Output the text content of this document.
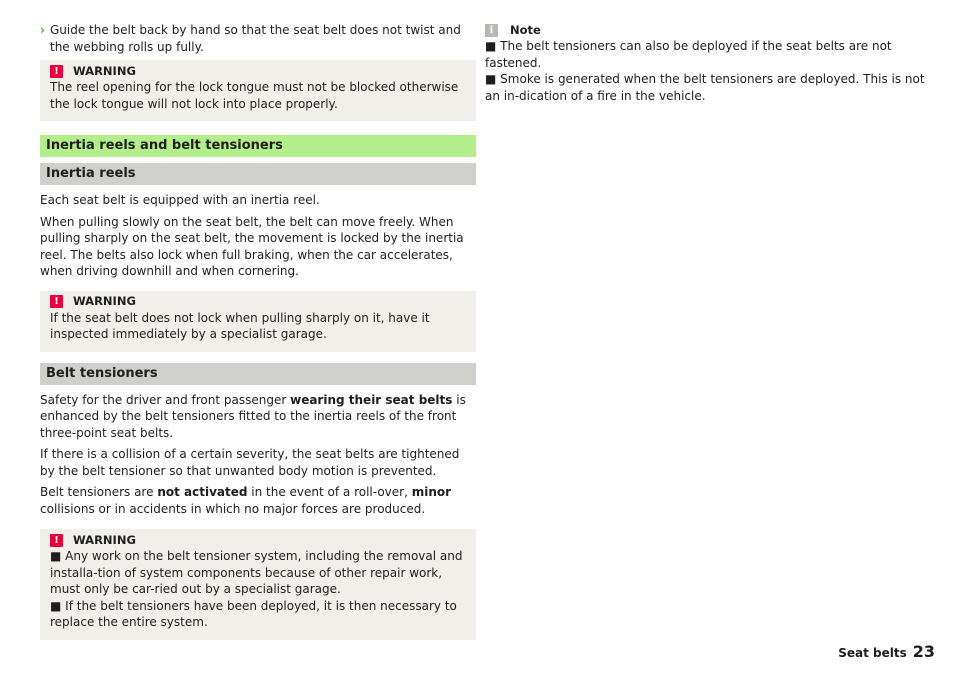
› Guide the belt back by hand so that the seat belt does not twist and the webbing rolls up fully.
!	WARNING
The reel opening for the lock tongue must not be blocked otherwise the lock tongue will not lock into place properly.
Inertia reels and belt tensioners
Inertia reels

Each seat belt is equipped with an inertia reel.

When pulling slowly on the seat belt, the belt can move freely. When pulling sharply on the seat belt, the movement is locked by the inertia reel. The belts also lock when full braking, when the car accelerates, when driving downhill and when cornering.

!	WARNING
If the seat belt does not lock when pulling sharply on it, have it inspected immediately by a specialist garage.
Belt tensioners

Safety for the driver and front passenger wearing their seat belts is enhanced by the belt tensioners fitted to the inertia reels of the front three-point seat belts.

If there is a collision of a certain severity, the seat belts are tightened by the belt tensioner so that unwanted body motion is prevented.

Belt tensioners are not activated in the event of a roll-over, minor collisions or in accidents in which no major forces are produced.

!	WARNING
■ Any work on the belt tensioner system, including the removal and installa-tion of system components because of other repair work, must only be car-ried out by a specialist garage.
■ If the belt tensioners have been deployed, it is then necessary to replace the entire system.
i	Note
■ The belt tensioners can also be deployed if the seat belts are not fastened.
■ Smoke is generated when the belt tensioners are deployed. This is not an in-dication of a fire in the vehicle.
Seat belts 23
